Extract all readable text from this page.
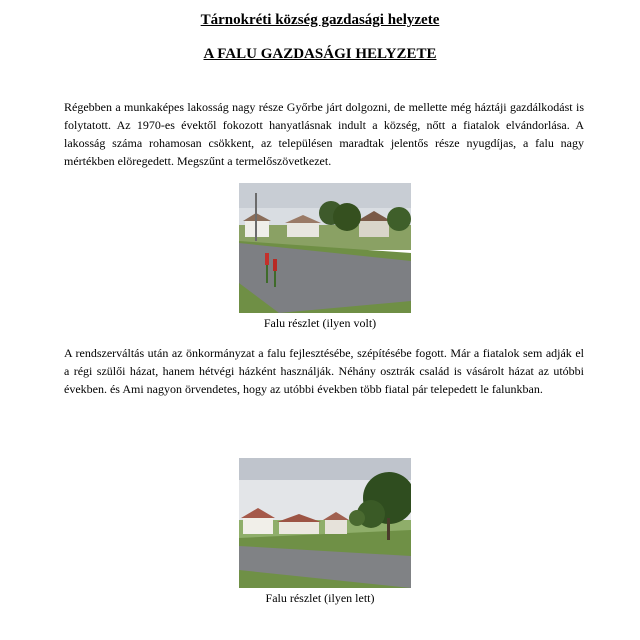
Tárnokréti község gazdasági helyzete
A FALU GAZDASÁGI HELYZETE

Régebben a munkaképes lakosság nagy része Győrbe járt dolgozni, de mellette még háztáji gazdálkodást is folytatott. Az 1970-es évektől fokozott hanyatlásnak indult a község, nőtt a fiatalok elvándorlása. A lakosság száma rohamosan csökkent, az településen maradtak jelentős része nyugdíjas, a falu nagy mértékben elöregedett. Megszűnt a termelőszövetkezet.

Falu részlet (ilyen volt)

A rendszerváltás után az önkormányzat a falu fejlesztésébe, szépítésébe fogott. Már a fiatalok sem adják el a régi szülői házat, hanem hétvégi házként használják. Néhány osztrák család is vásárolt házat az utóbbi években. és Ami nagyon örvendetes, hogy az utóbbi években több fiatal pár telepedett le falunkban.

Falu részlet (ilyen lett)
